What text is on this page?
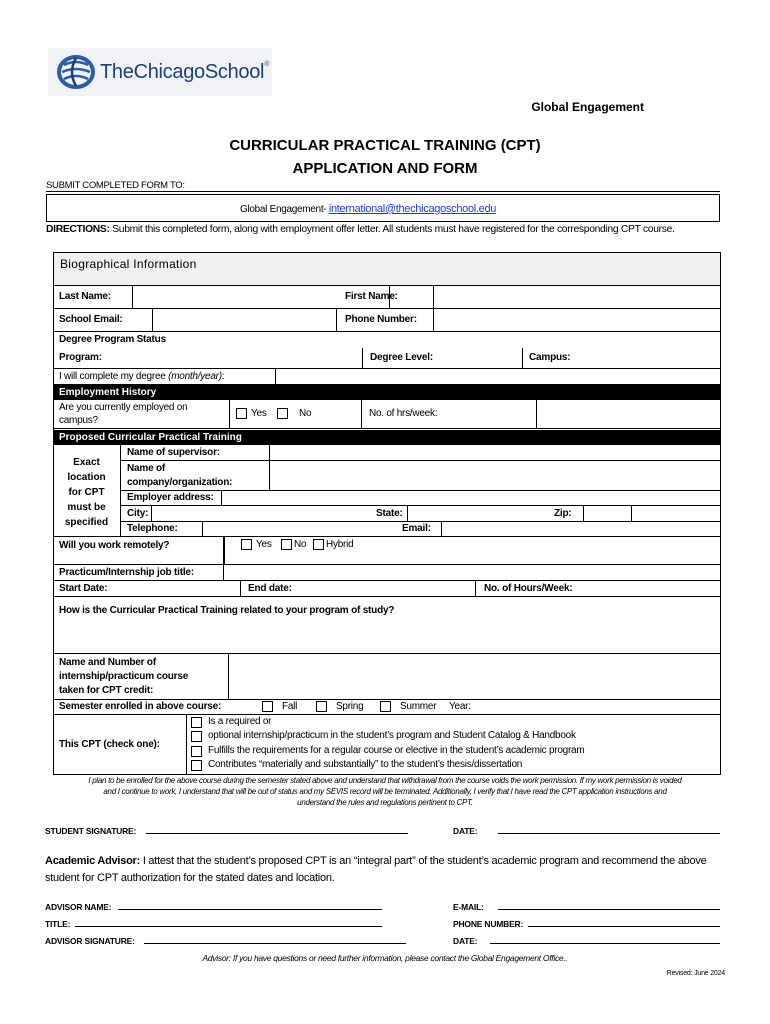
TheChicagoSchool®
Global Engagement
CURRICULAR PRACTICAL TRAINING (CPT)
APPLICATION AND FORM
SUBMIT COMPLETED FORM TO:
Global Engagement- international@thechicagoschool.edu
DIRECTIONS: Submit this completed form, along with employment offer letter. All students must have registered for the corresponding CPT course.
Biographical Information
Last Name:	First Name:
School Email:	Phone Number:
Degree Program Status
Program:	Degree Level:	Campus:
I will complete my degree (month/year):
Employment History
Are you currently employed on
campus?
Yes	No	No. of hrs/week:
Proposed Curricular Practical Training
Exact
location
for CPT
must be
specified
Name of supervisor:
Name of
company/organization:
Employer address:
City:	State:	Zip:
Telephone:	Email:
Will you work remotely?	Yes No Hybrid
Practicum/Internship job title:
Start Date:	End date:	No. of Hours/Week:
How is the Curricular Practical Training related to your program of study?
Name and Number of
internship/practicum course
taken for CPT credit:
Semester enrolled in above course:	Fall	Spring	Summer Year:
This CPT (check one):
Is a required or
optional internship/practicum in the student’s program and Student Catalog & Handbook
Fulfills the requirements for a regular course or elective in the student’s academic program
Contributes “materially and substantially” to the student’s thesis/dissertation
I plan to be enrolled for the above course during the semester stated above and understand that withdrawal from the course voids the work permission. If my work permission is voided
and I continue to work, I understand that will be out of status and my SEVIS record will be terminated. Additionally, I verify that I have read the CPT application instructions and
understand the rules and regulations pertinent to CPT.
STUDENT SIGNATURE:	DATE:
Academic Advisor: I attest that the student’s proposed CPT is an “integral part” of the student’s academic program and recommend the above
student for CPT authorization for the stated dates and location.
ADVISOR NAME:	E-MAIL:
TITLE:	PHONE NUMBER:
ADVISOR SIGNATURE:	DATE:
Advisor: If you have questions or need further information, please contact the Global Engagement Office..
Revised: June 2024
